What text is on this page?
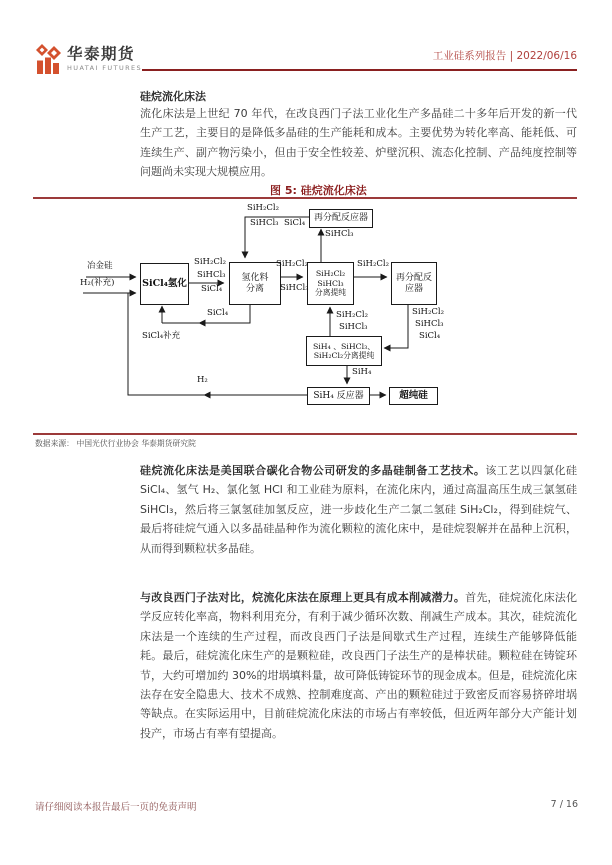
华泰期货
HUATAI FUTURES
工业硅系列报告 | 2022/06/16
硅烷流化床法

流化床法是上世纪 70 年代，在改良西门子法工业化生产多晶硅二十多年后开发的新一代生产工艺，主要目的是降低多晶硅的生产能耗和成本。主要优势为转化率高、能耗低、可连续生产、副产物污染小，但由于安全性较差、炉壁沉积、流态化控制、产品纯度控制等问题尚未实现大规模应用。

图 5: 硅烷流化床法
SiCl₄氢化
氢化料
分离
SiH₂Cl₂
SiHCl₃
分离提纯
再分配反应器
再分配反
应器
SiH₄ 、SiHCl₃、
SiH₂Cl₂分离提纯
SiH₄ 反应器	超纯硅
冶金硅
H₂(补充)
SiH₂Cl₂
SiHCl₃
SiCl₄
SiH₂Cl₂
SiHCl₃  SiCl₄
SiHCl₃
SiH₂Cl₂
SiHCl₃
SiH₂Cl₂
SiH₂Cl₂
SiHCl₃
SiCl₄
SiH₂Cl₂
SiHCl₃
SiH₄
H₂
SiCl₄
SiCl₄补充
数据来源： 中国光伏行业协会 华泰期货研究院

硅烷流化床法是美国联合碳化合物公司研发的多晶硅制备工艺技术。该工艺以四氯化硅 SiCl₄、氢气 H₂、氯化氢 HCl 和工业硅为原料，在流化床内，通过高温高压生成三氯氢硅 SiHCl₃，然后将三氯氢硅加氢反应，进一步歧化生产二氯二氢硅 SiH₂Cl₂，得到硅烷气、最后将硅烷气通入以多晶硅晶种作为流化颗粒的流化床中，是硅烷裂解并在晶种上沉积，从而得到颗粒状多晶硅。

与改良西门子法对比，烷流化床法在原理上更具有成本削减潜力。首先，硅烷流化床法化学反应转化率高，物料利用充分，有利于减少循环次数、削减生产成本。其次，硅烷流化床法是一个连续的生产过程，而改良西门子法是间歇式生产过程，连续生产能够降低能耗。最后，硅烷流化床生产的是颗粒硅，改良西门子法生产的是棒状硅。颗粒硅在铸锭环节，大约可增加约 30%的坩埚填料量，故可降低铸锭环节的现金成本。但是，硅烷流化床法存在安全隐患大、技术不成熟、控制难度高、产出的颗粒硅过于致密反而容易挤碎坩埚等缺点。在实际运用中，目前硅烷流化床法的市场占有率较低，但近两年部分大产能计划投产，市场占有率有望提高。

请仔细阅读本报告最后一页的免责声明	7 / 16
